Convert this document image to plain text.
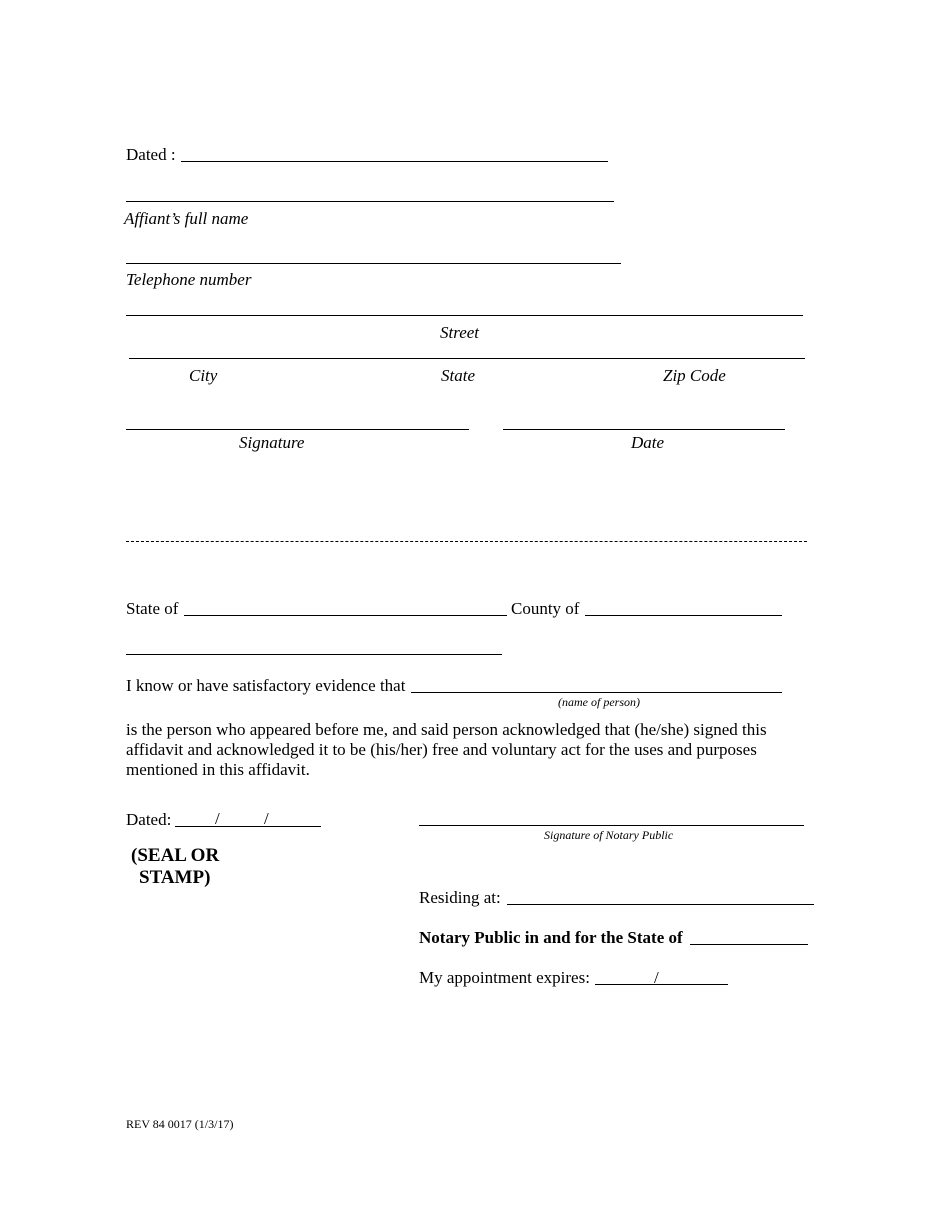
Dated :
Affiant’s full name
Telephone number
Street
City	State	Zip Code
Signature	Date
State of	County of
I know or have satisfactory evidence that
(name of person)
is the person who appeared before me, and said person acknowledged that (he/she) signed this affidavit and acknowledged it to be (his/her) free and voluntary act for the uses and purposes mentioned in this affidavit.
Dated:	/	/
Signature of Notary Public
(SEAL OR
STAMP)
Residing at:
Notary Public in and for the State of
My appointment expires:	/
REV 84 0017 (1/3/17)
